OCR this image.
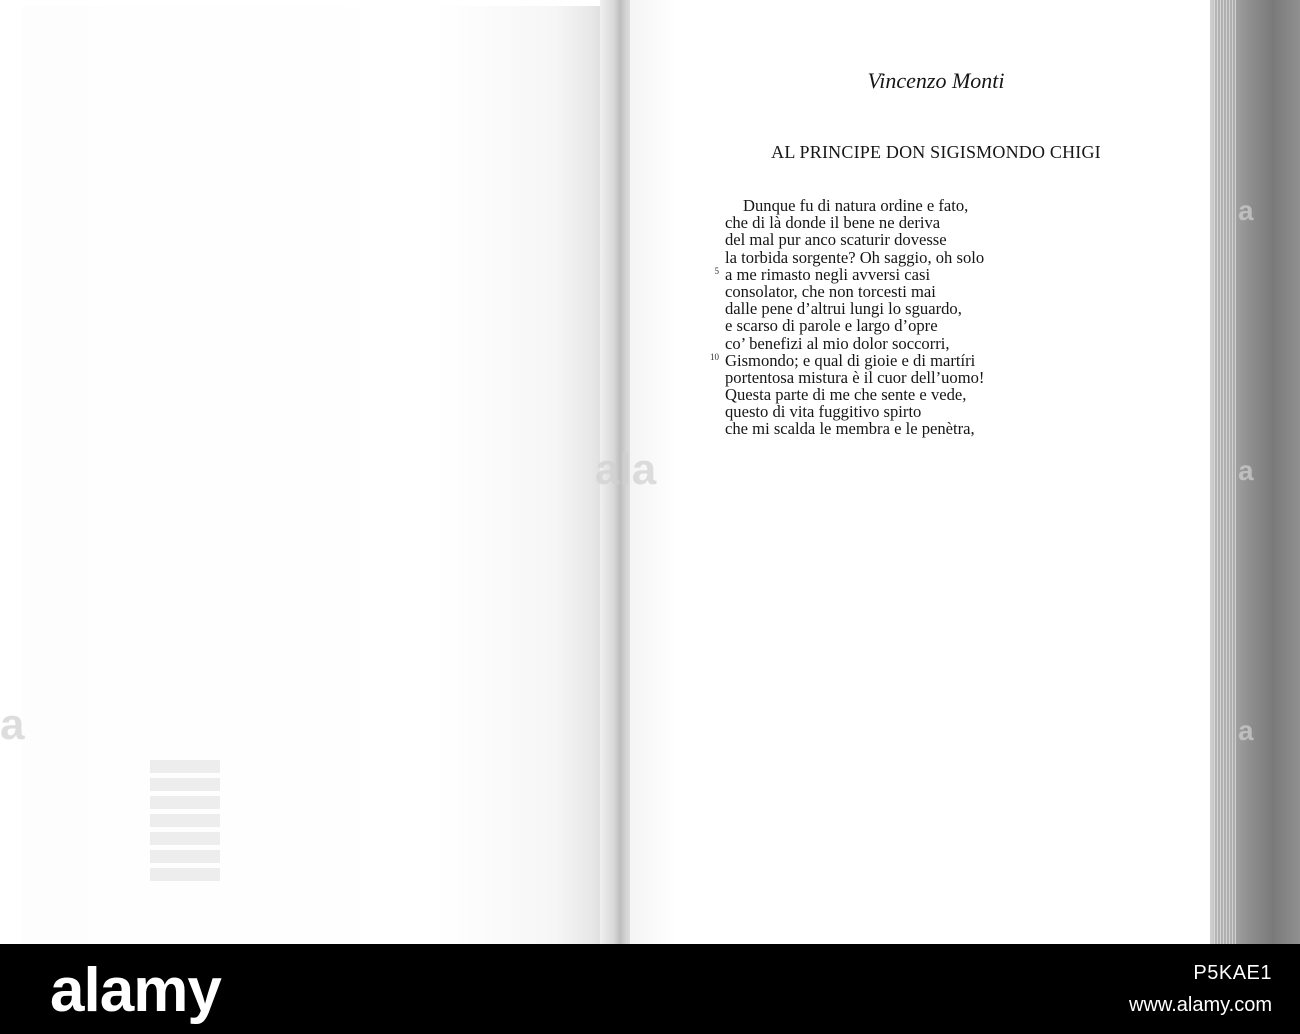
ala
a
a
a
a
Vincenzo Monti
AL PRINCIPE DON SIGISMONDO CHIGI
Dunque fu di natura ordine e fato,
che di là donde il bene ne deriva
del mal pur anco scaturir dovesse
la torbida sorgente? Oh saggio, oh solo
5 a me rimasto negli avversi casi
consolator, che non torcesti mai
dalle pene d’altrui lungi lo sguardo,
e scarso di parole e largo d’opre
co’ benefizi al mio dolor soccorri,
10 Gismondo; e qual di gioie e di martíri
portentosa mistura è il cuor dell’uomo!
Questa parte di me che sente e vede,
questo di vita fuggitivo spirto
che mi scalda le membra e le penètra,
alamy	P5KAE1
www.alamy.com
